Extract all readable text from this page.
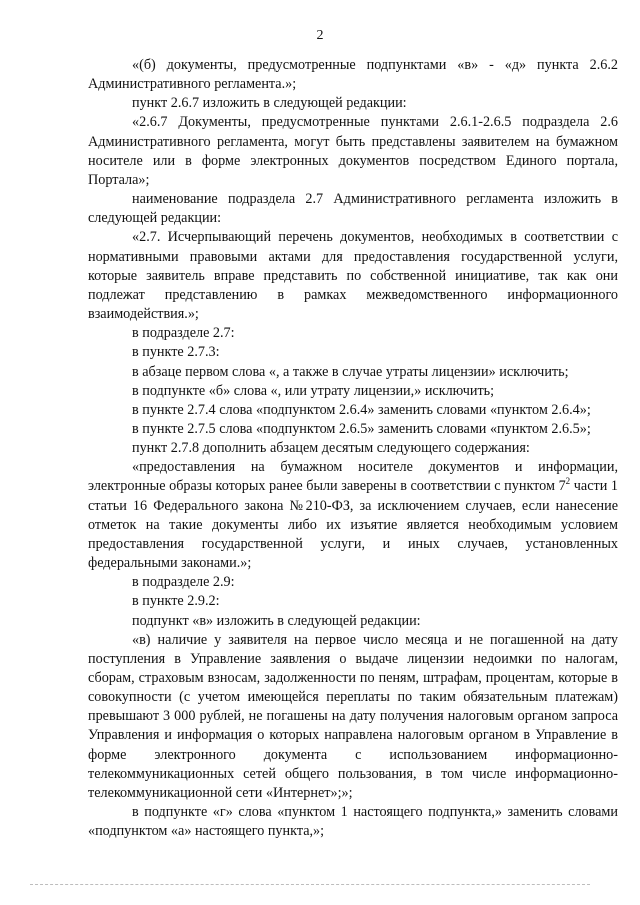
2

«(б) документы, предусмотренные подпунктами «в» - «д» пункта 2.6.2 Административного регламента.»;

пункт 2.6.7 изложить в следующей редакции:

«2.6.7 Документы, предусмотренные пунктами 2.6.1-2.6.5 подраздела 2.6 Административного регламента, могут быть представлены заявителем на бумажном носителе или в форме электронных документов посредством Единого портала, Портала»;

наименование подраздела 2.7 Административного регламента изложить в следующей редакции:

«2.7. Исчерпывающий перечень документов, необходимых в соответствии с нормативными правовыми актами для предоставления государственной услуги, которые заявитель вправе представить по собственной инициативе, так как они подлежат представлению в рамках межведомственного информационного взаимодействия.»;

в подразделе 2.7:

в пункте 2.7.3:

в абзаце первом слова «, а также в случае утраты лицензии» исключить;

в подпункте «б» слова «, или утрату лицензии,» исключить;

в пункте 2.7.4 слова «подпунктом 2.6.4» заменить словами «пунктом 2.6.4»;

в пункте 2.7.5 слова «подпунктом 2.6.5» заменить словами «пунктом 2.6.5»;

пункт 2.7.8 дополнить абзацем десятым следующего содержания:

«предоставления на бумажном носителе документов и информации, электронные образы которых ранее были заверены в соответствии с пунктом $7^2$ части 1 статьи 16 Федерального закона №210-ФЗ, за исключением случаев, если нанесение отметок на такие документы либо их изъятие является необходимым условием предоставления государственной услуги, и иных случаев, установленных федеральными законами.»;

в подразделе 2.9:

в пункте 2.9.2:

подпункт «в» изложить в следующей редакции:

«в) наличие у заявителя на первое число месяца и не погашенной на дату поступления в Управление заявления о выдаче лицензии недоимки по налогам, сборам, страховым взносам, задолженности по пеням, штрафам, процентам, которые в совокупности (с учетом имеющейся переплаты по таким обязательным платежам) превышают 3 000 рублей, не погашены на дату получения налоговым органом запроса Управления и информация о которых направлена налоговым органом в Управление в форме электронного документа с использованием информационно-телекоммуникационных сетей общего пользования, в том числе информационно-телекоммуникационной сети «Интернет»;»;

в подпункте «г» слова «пунктом 1 настоящего подпункта,» заменить словами «подпунктом «а» настоящего пункта,»;
